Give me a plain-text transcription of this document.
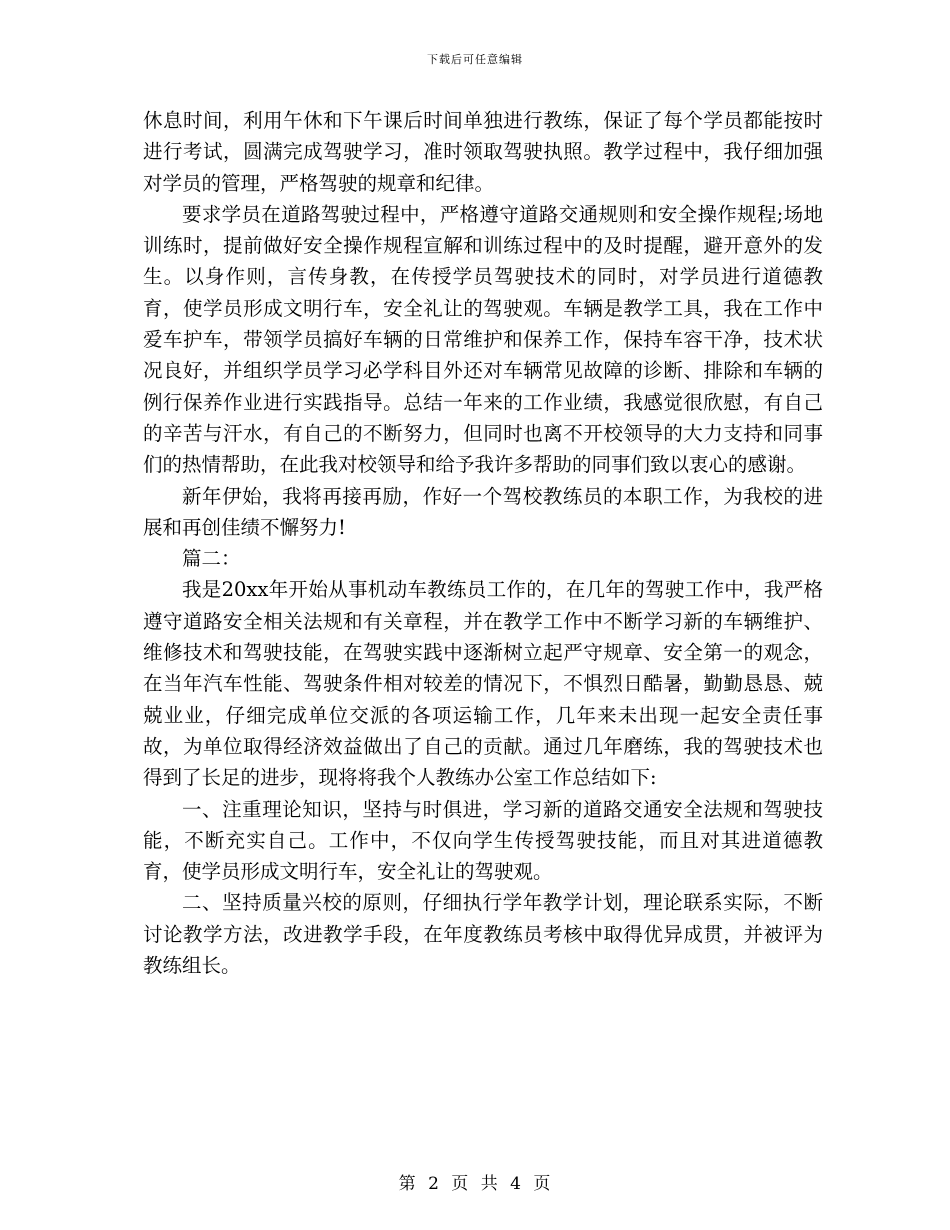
下载后可任意编辑

休息时间，利用午休和下午课后时间单独进行教练，保证了每个学员都能按时进行考试，圆满完成驾驶学习，准时领取驾驶执照。教学过程中，我仔细加强对学员的管理，严格驾驶的规章和纪律。

要求学员在道路驾驶过程中，严格遵守道路交通规则和安全操作规程;场地训练时，提前做好安全操作规程宣解和训练过程中的及时提醒，避开意外的发生。以身作则，言传身教，在传授学员驾驶技术的同时，对学员进行道德教育，使学员形成文明行车，安全礼让的驾驶观。车辆是教学工具，我在工作中爱车护车，带领学员搞好车辆的日常维护和保养工作，保持车容干净，技术状况良好，并组织学员学习必学科目外还对车辆常见故障的诊断、排除和车辆的例行保养作业进行实践指导。总结一年来的工作业绩，我感觉很欣慰，有自己的辛苦与汗水，有自己的不断努力，但同时也离不开校领导的大力支持和同事们的热情帮助，在此我对校领导和给予我许多帮助的同事们致以衷心的感谢。

新年伊始，我将再接再励，作好一个驾校教练员的本职工作，为我校的进展和再创佳绩不懈努力!

篇二：

我是20xx年开始从事机动车教练员工作的，在几年的驾驶工作中，我严格遵守道路安全相关法规和有关章程，并在教学工作中不断学习新的车辆维护、维修技术和驾驶技能，在驾驶实践中逐渐树立起严守规章、安全第一的观念，在当年汽车性能、驾驶条件相对较差的情况下，不惧烈日酷暑，勤勤恳恳、兢兢业业，仔细完成单位交派的各项运输工作，几年来未出现一起安全责任事故，为单位取得经济效益做出了自己的贡献。通过几年磨练，我的驾驶技术也得到了长足的进步，现将将我个人教练办公室工作总结如下:

一、注重理论知识，坚持与时俱进，学习新的道路交通安全法规和驾驶技能，不断充实自己。工作中，不仅向学生传授驾驶技能，而且对其进道德教育，使学员形成文明行车，安全礼让的驾驶观。

二、坚持质量兴校的原则，仔细执行学年教学计划，理论联系实际，不断讨论教学方法，改进教学手段，在年度教练员考核中取得优异成贯，并被评为教练组长。

第 2 页 共 4 页
